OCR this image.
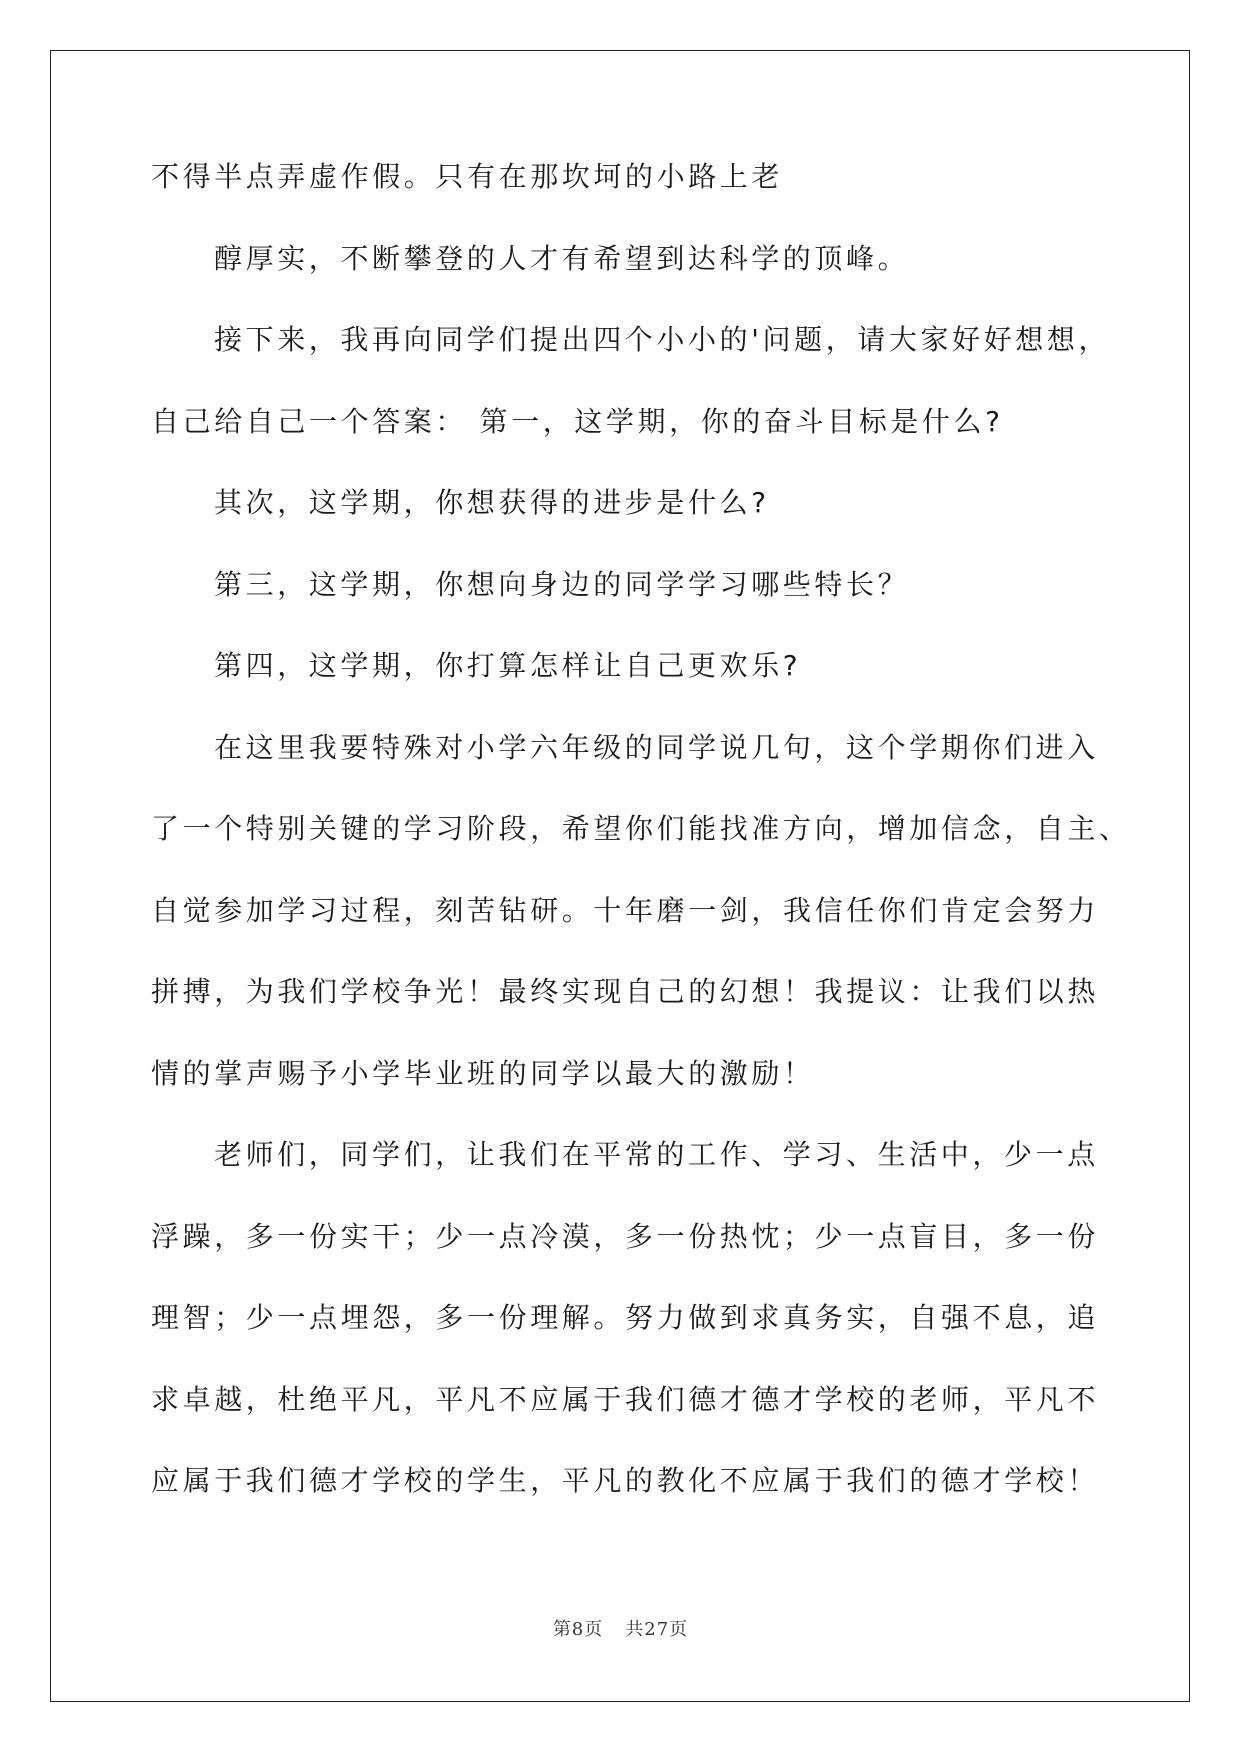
不得半点弄虚作假。只有在那坎坷的小路上老
醇厚实，不断攀登的人才有希望到达科学的顶峰。
接下来，我再向同学们提出四个小小的'问题，请大家好好想想，
自己给自己一个答案： 第一，这学期，你的奋斗目标是什么?
其次，这学期，你想获得的进步是什么?
第三，这学期，你想向身边的同学学习哪些特长？
第四，这学期，你打算怎样让自己更欢乐?
在这里我要特殊对小学六年级的同学说几句，这个学期你们进入
了一个特别关键的学习阶段，希望你们能找准方向，增加信念，自主、
自觉参加学习过程，刻苦钻研。十年磨一剑，我信任你们肯定会努力
拼搏，为我们学校争光！最终实现自己的幻想！我提议：让我们以热
情的掌声赐予小学毕业班的同学以最大的激励！
老师们，同学们，让我们在平常的工作、学习、生活中，少一点
浮躁，多一份实干；少一点冷漠，多一份热忱；少一点盲目，多一份
理智；少一点埋怨，多一份理解。努力做到求真务实，自强不息，追
求卓越，杜绝平凡，平凡不应属于我们德才德才学校的老师，平凡不
应属于我们德才学校的学生，平凡的教化不应属于我们的德才学校！
第8页 共27页
